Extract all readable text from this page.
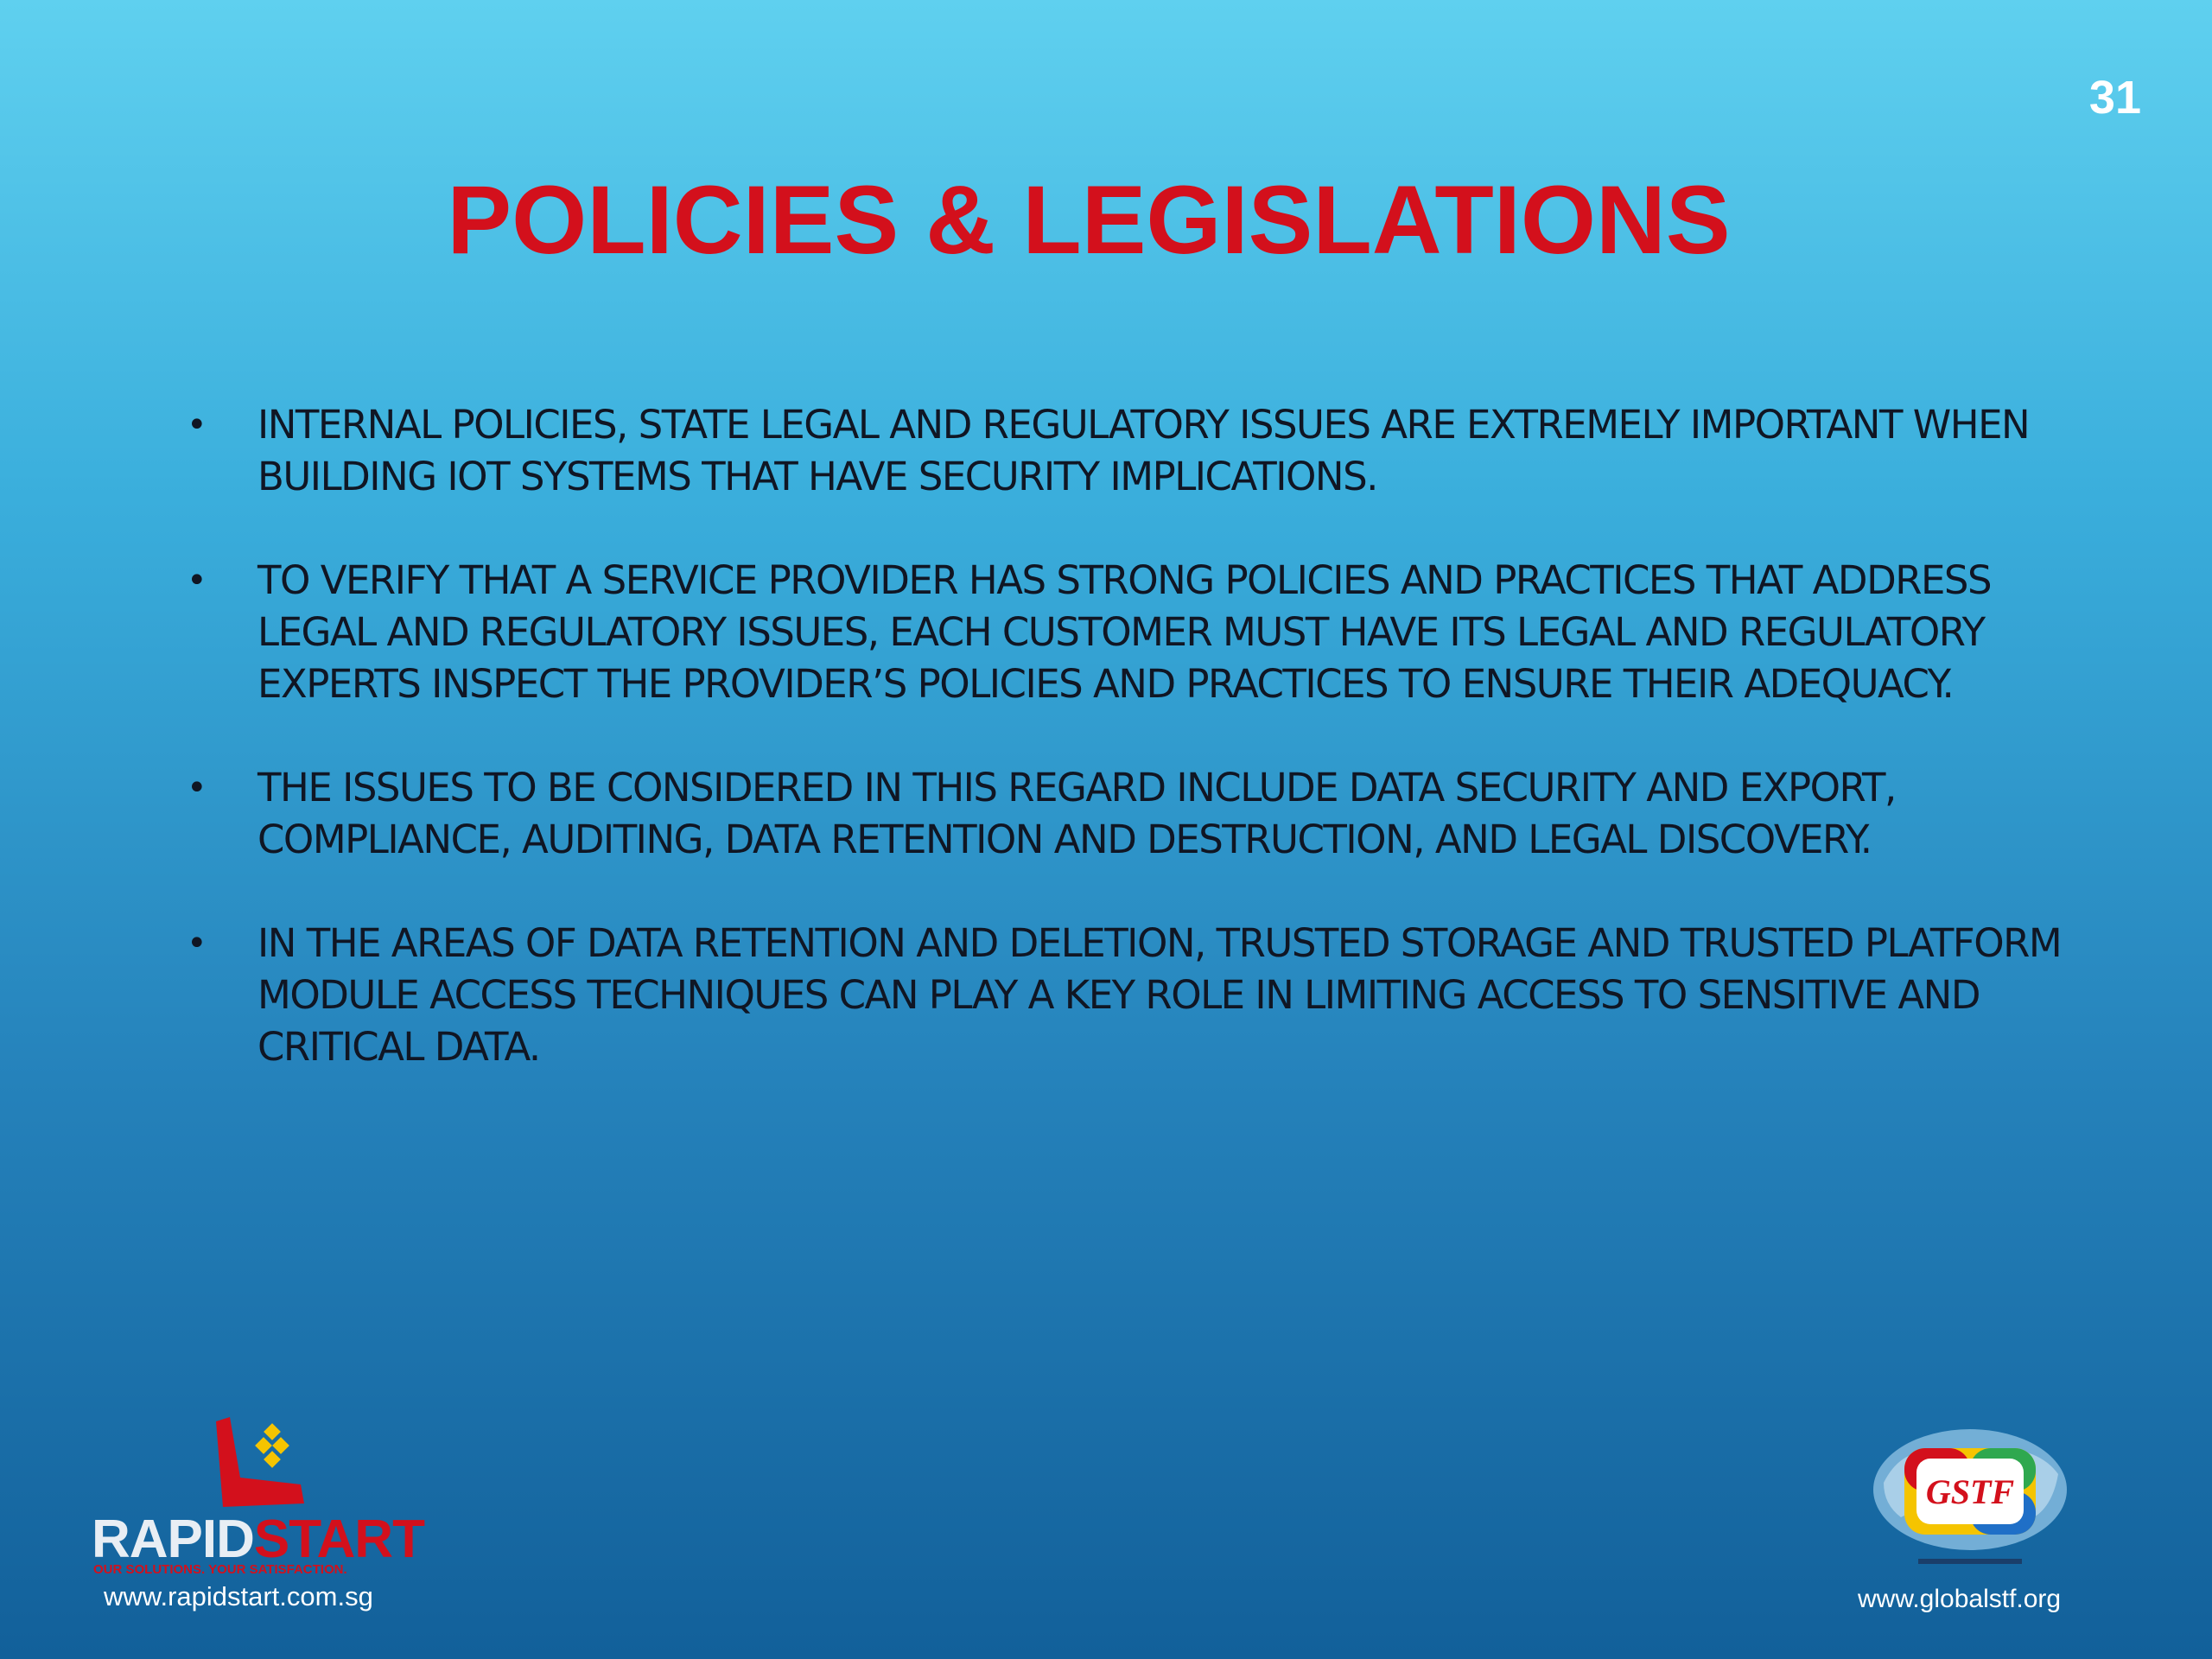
31
POLICIES & LEGISLATIONS
• INTERNAL POLICIES, STATE LEGAL AND REGULATORY ISSUES ARE EXTREMELY IMPORTANT WHEN BUILDING IOT SYSTEMS THAT HAVE SECURITY IMPLICATIONS.
• TO VERIFY THAT A SERVICE PROVIDER HAS STRONG POLICIES AND PRACTICES THAT ADDRESS LEGAL AND REGULATORY ISSUES, EACH CUSTOMER MUST HAVE ITS LEGAL AND REGULATORY EXPERTS INSPECT THE PROVIDER’S POLICIES AND PRACTICES TO ENSURE THEIR ADEQUACY.
• THE ISSUES TO BE CONSIDERED IN THIS REGARD INCLUDE DATA SECURITY AND EXPORT, COMPLIANCE, AUDITING, DATA RETENTION AND DESTRUCTION, AND LEGAL DISCOVERY.
• IN THE AREAS OF DATA RETENTION AND DELETION, TRUSTED STORAGE AND TRUSTED PLATFORM MODULE ACCESS TECHNIQUES CAN PLAY A KEY ROLE IN LIMITING ACCESS TO SENSITIVE AND CRITICAL DATA.
RAPIDSTART
OUR SOLUTIONS. YOUR SATISFACTION.
www.rapidstart.com.sg
GSTF
www.globalstf.org
